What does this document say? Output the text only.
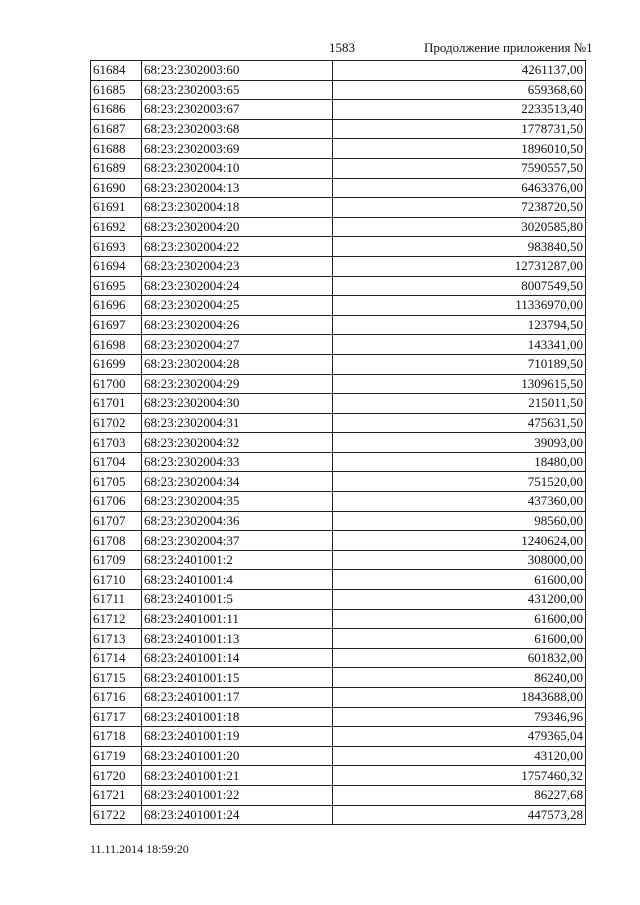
1583	Продолжение приложения №1
61684	68:23:2302003:60	4261137,00
61685	68:23:2302003:65	659368,60
61686	68:23:2302003:67	2233513,40
61687	68:23:2302003:68	1778731,50
61688	68:23:2302003:69	1896010,50
61689	68:23:2302004:10	7590557,50
61690	68:23:2302004:13	6463376,00
61691	68:23:2302004:18	7238720,50
61692	68:23:2302004:20	3020585,80
61693	68:23:2302004:22	983840,50
61694	68:23:2302004:23	12731287,00
61695	68:23:2302004:24	8007549,50
61696	68:23:2302004:25	11336970,00
61697	68:23:2302004:26	123794,50
61698	68:23:2302004:27	143341,00
61699	68:23:2302004:28	710189,50
61700	68:23:2302004:29	1309615,50
61701	68:23:2302004:30	215011,50
61702	68:23:2302004:31	475631,50
61703	68:23:2302004:32	39093,00
61704	68:23:2302004:33	18480,00
61705	68:23:2302004:34	751520,00
61706	68:23:2302004:35	437360,00
61707	68:23:2302004:36	98560,00
61708	68:23:2302004:37	1240624,00
61709	68:23:2401001:2	308000,00
61710	68:23:2401001:4	61600,00
61711	68:23:2401001:5	431200,00
61712	68:23:2401001:11	61600,00
61713	68:23:2401001:13	61600,00
61714	68:23:2401001:14	601832,00
61715	68:23:2401001:15	86240,00
61716	68:23:2401001:17	1843688,00
61717	68:23:2401001:18	79346,96
61718	68:23:2401001:19	479365,04
61719	68:23:2401001:20	43120,00
61720	68:23:2401001:21	1757460,32
61721	68:23:2401001:22	86227,68
61722	68:23:2401001:24	447573,28
11.11.2014 18:59:20
